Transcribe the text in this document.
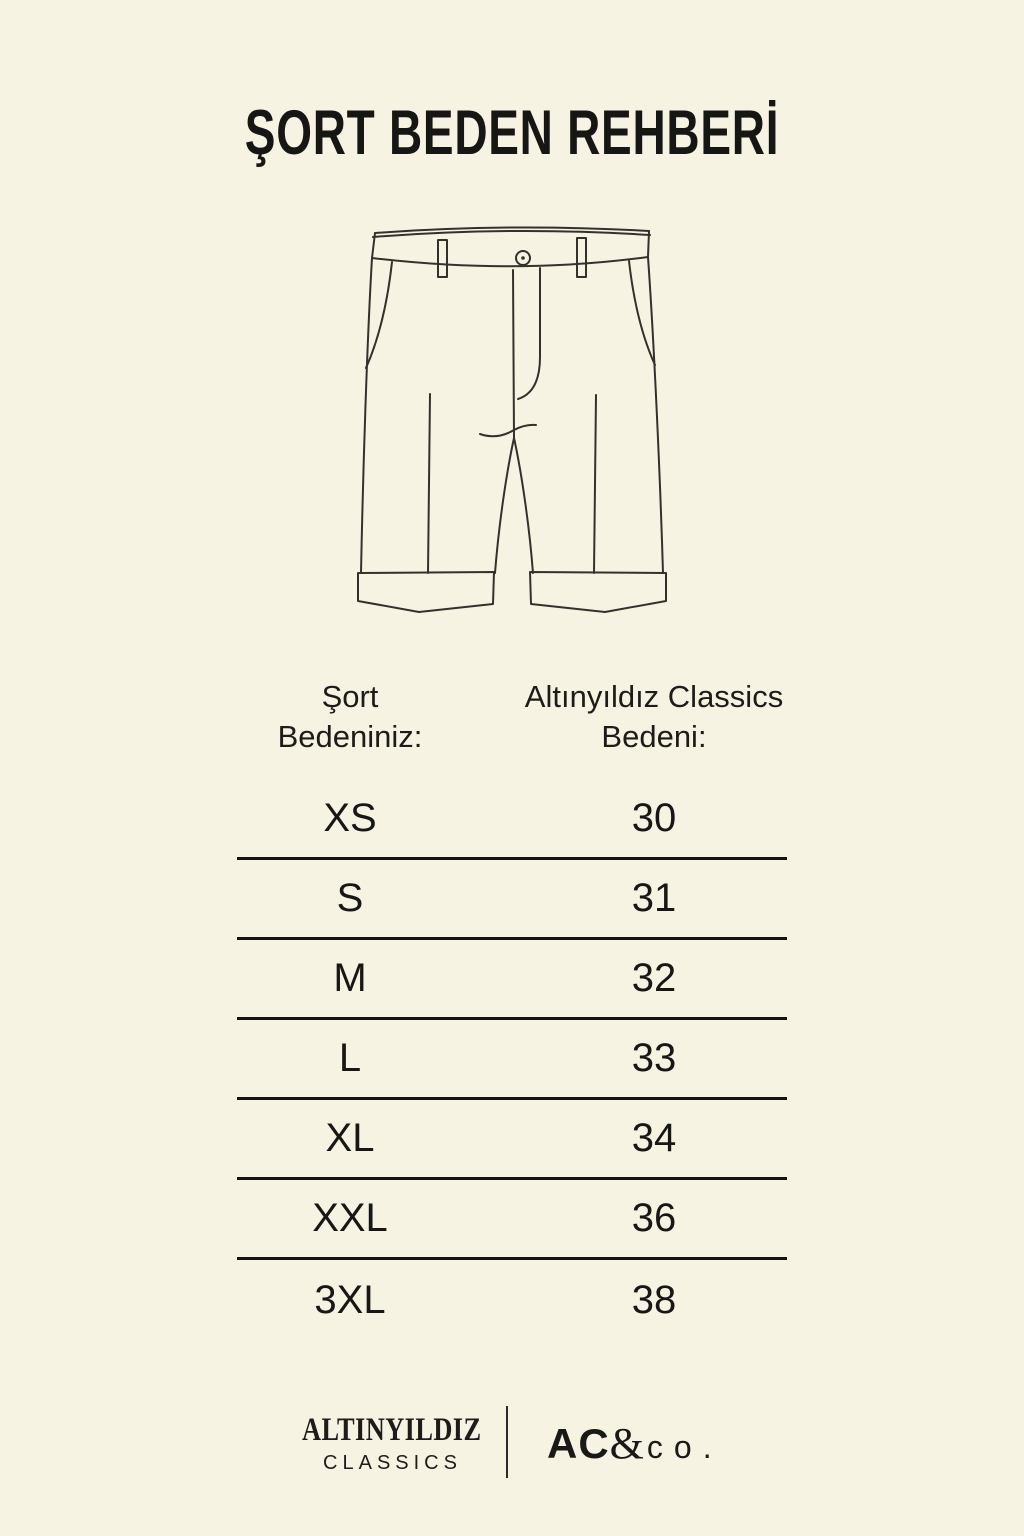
ŞORT BEDEN REHBERİ
Şort
Bedeniniz:
Altınyıldız Classics
Bedeni:
XS	30
S	31
M	32
L	33
XL	34
XXL	36
3XL	38
ALTINYILDIZ
CLASSICS	AC & co.
